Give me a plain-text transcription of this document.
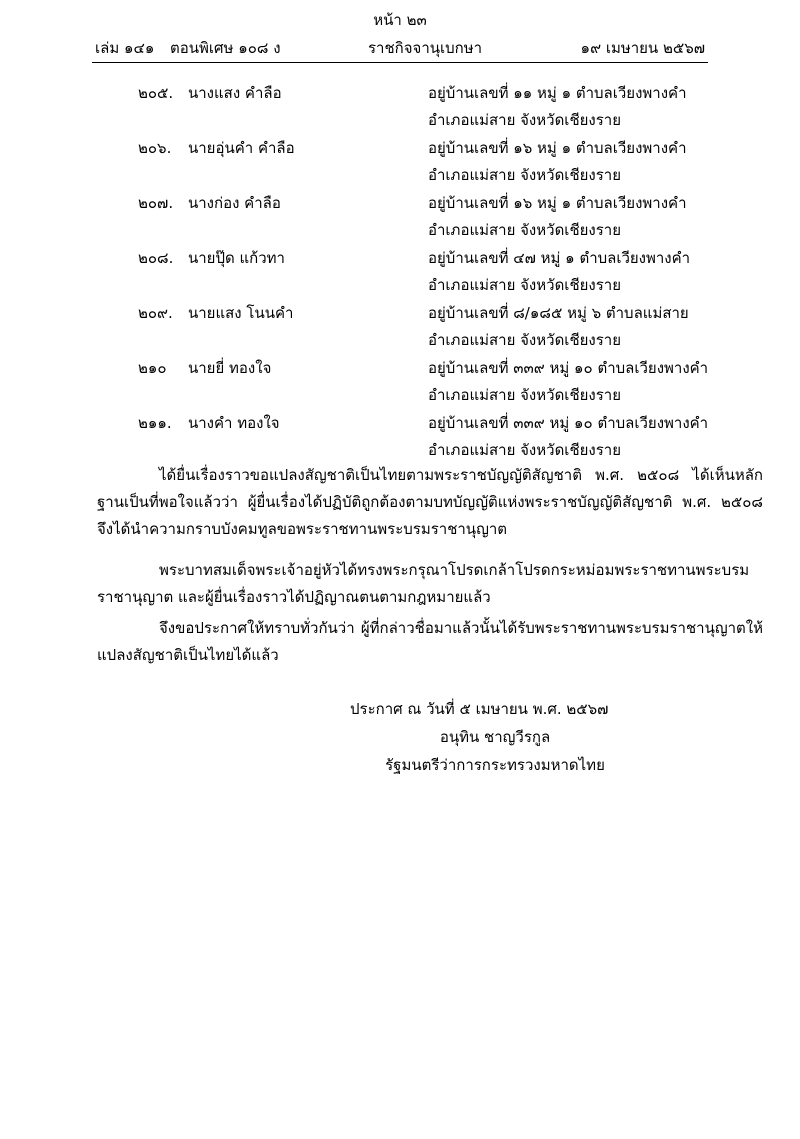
หน้า ๒๓
เล่ม ๑๔๑ ตอนพิเศษ ๑๐๘ ง	ราชกิจจานุเบกษา	๑๙ เมษายน ๒๕๖๗
๒๐๕. นางแสง คำลือ	อยู่บ้านเลขที่ ๑๑ หมู่ ๑ ตำบลเวียงพางคำ
อำเภอแม่สาย จังหวัดเชียงราย
๒๐๖. นายอุ่นคำ คำลือ	อยู่บ้านเลขที่ ๑๖ หมู่ ๑ ตำบลเวียงพางคำ
อำเภอแม่สาย จังหวัดเชียงราย
๒๐๗. นางก่อง คำลือ	อยู่บ้านเลขที่ ๑๖ หมู่ ๑ ตำบลเวียงพางคำ
อำเภอแม่สาย จังหวัดเชียงราย
๒๐๘. นายปุ๊ด แก้วทา	อยู่บ้านเลขที่ ๔๗ หมู่ ๑ ตำบลเวียงพางคำ
อำเภอแม่สาย จังหวัดเชียงราย
๒๐๙. นายแสง โนนคำ	อยู่บ้านเลขที่ ๘/๑๘๕ หมู่ ๖ ตำบลแม่สาย
อำเภอแม่สาย จังหวัดเชียงราย
๒๑๐ นายยี่ ทองใจ	อยู่บ้านเลขที่ ๓๓๙ หมู่ ๑๐ ตำบลเวียงพางคำ
อำเภอแม่สาย จังหวัดเชียงราย
๒๑๑. นางคำ ทองใจ	อยู่บ้านเลขที่ ๓๓๙ หมู่ ๑๐ ตำบลเวียงพางคำ
อำเภอแม่สาย จังหวัดเชียงราย

ได้ยื่นเรื่องราวขอแปลงสัญชาติเป็นไทยตามพระราชบัญญัติสัญชาติ พ.ศ. ๒๕๐๘ ได้เห็นหลักฐานเป็นที่พอใจแล้วว่า ผู้ยื่นเรื่องได้ปฏิบัติถูกต้องตามบทบัญญัติแห่งพระราชบัญญัติสัญชาติ พ.ศ. ๒๕๐๘ จึงได้นำความกราบบังคมทูลขอพระราชทานพระบรมราชานุญาต

พระบาทสมเด็จพระเจ้าอยู่หัวได้ทรงพระกรุณาโปรดเกล้าโปรดกระหม่อมพระราชทานพระบรมราชานุญาต และผู้ยื่นเรื่องราวได้ปฏิญาณตนตามกฎหมายแล้ว

จึงขอประกาศให้ทราบทั่วกันว่า ผู้ที่กล่าวชื่อมาแล้วนั้นได้รับพระราชทานพระบรมราชานุญาตให้แปลงสัญชาติเป็นไทยได้แล้ว

ประกาศ ณ วันที่ ๕ เมษายน พ.ศ. ๒๕๖๗
อนุทิน ชาญวีรกูล
รัฐมนตรีว่าการกระทรวงมหาดไทย
